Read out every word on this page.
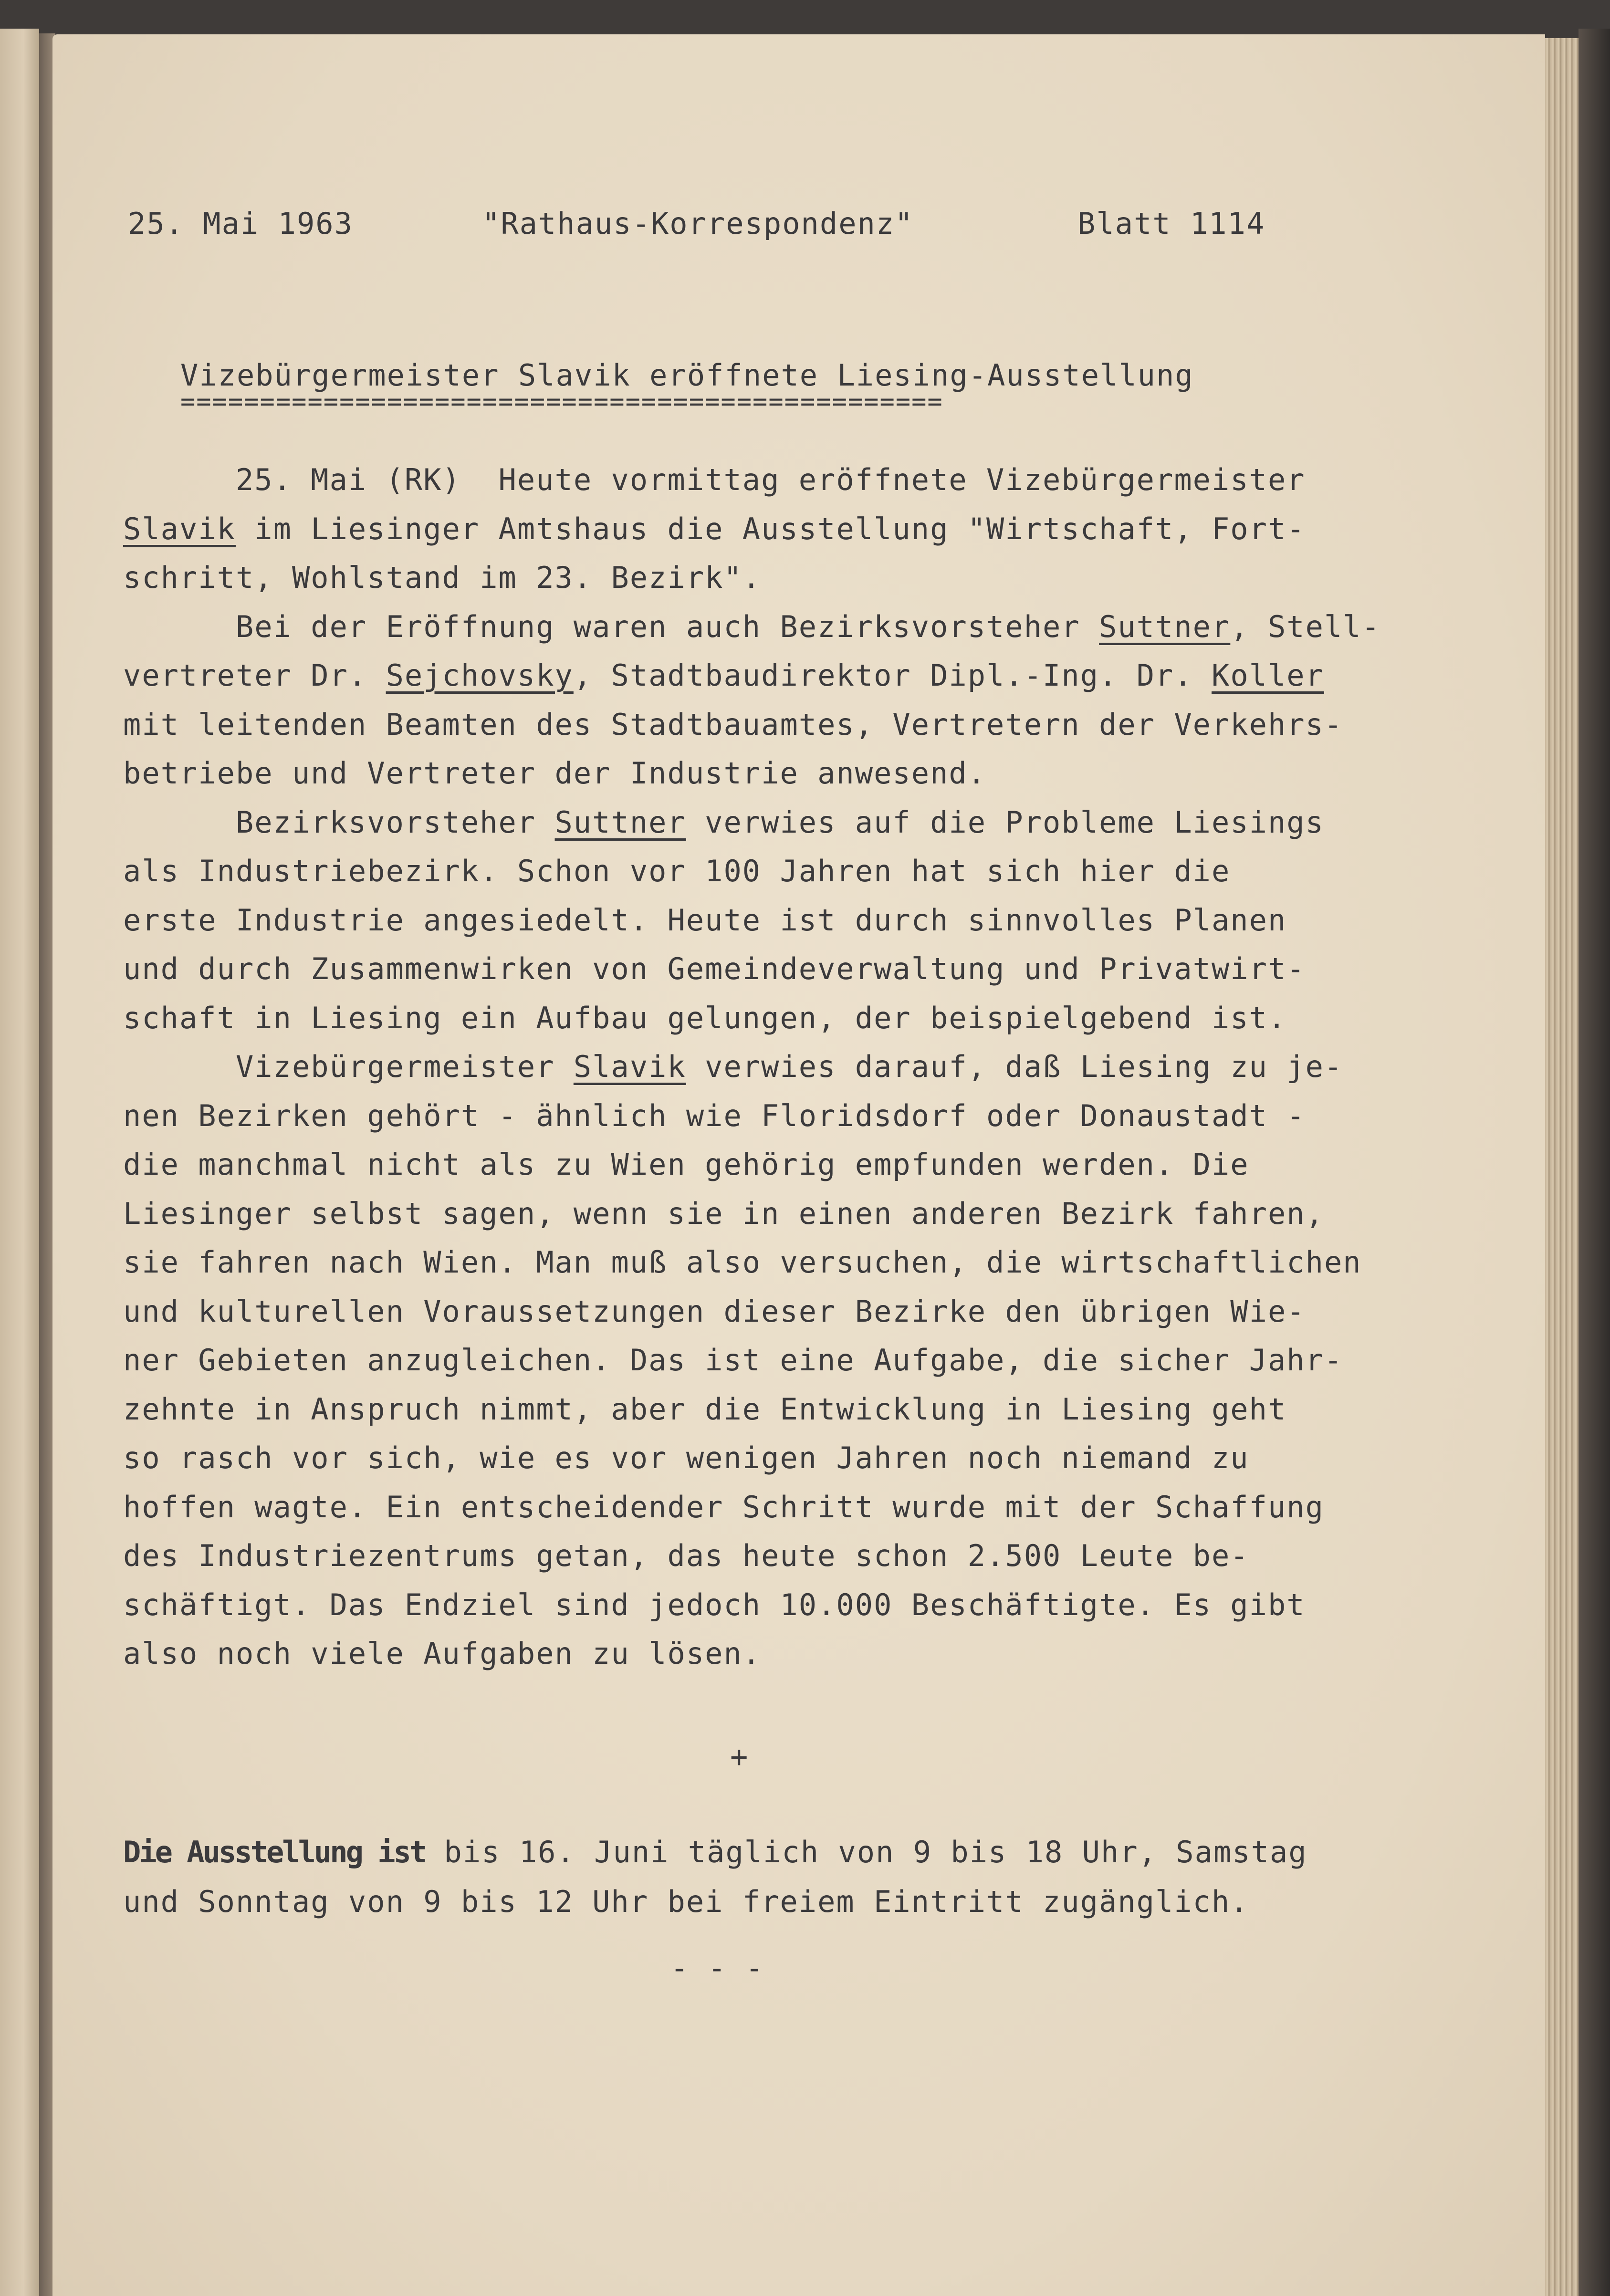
25. Mai 1963	"Rathaus-Korrespondenz"	Blatt 1114
Vizebürgermeister Slavik eröffnete Liesing-Ausstellung
================================================
25. Mai (RK)  Heute vormittag eröffnete Vizebürgermeister
Slavik im Liesinger Amtshaus die Ausstellung "Wirtschaft, Fort-
schritt, Wohlstand im 23. Bezirk".
Bei der Eröffnung waren auch Bezirksvorsteher Suttner, Stell-
vertreter Dr. Sejchovsky, Stadtbaudirektor Dipl.-Ing. Dr. Koller
mit leitenden Beamten des Stadtbauamtes, Vertretern der Verkehrs-
betriebe und Vertreter der Industrie anwesend.
Bezirksvorsteher Suttner verwies auf die Probleme Liesings
als Industriebezirk. Schon vor 100 Jahren hat sich hier die
erste Industrie angesiedelt. Heute ist durch sinnvolles Planen
und durch Zusammenwirken von Gemeindeverwaltung und Privatwirt-
schaft in Liesing ein Aufbau gelungen, der beispielgebend ist.
Vizebürgermeister Slavik verwies darauf, daß Liesing zu je-
nen Bezirken gehört - ähnlich wie Floridsdorf oder Donaustadt -
die manchmal nicht als zu Wien gehörig empfunden werden. Die
Liesinger selbst sagen, wenn sie in einen anderen Bezirk fahren,
sie fahren nach Wien. Man muß also versuchen, die wirtschaftlichen
und kulturellen Voraussetzungen dieser Bezirke den übrigen Wie-
ner Gebieten anzugleichen. Das ist eine Aufgabe, die sicher Jahr-
zehnte in Anspruch nimmt, aber die Entwicklung in Liesing geht
so rasch vor sich, wie es vor wenigen Jahren noch niemand zu
hoffen wagte. Ein entscheidender Schritt wurde mit der Schaffung
des Industriezentrums getan, das heute schon 2.500 Leute be-
schäftigt. Das Endziel sind jedoch 10.000 Beschäftigte. Es gibt
also noch viele Aufgaben zu lösen.
+
Die Ausstellung ist bis 16. Juni täglich von 9 bis 18 Uhr, Samstag
und Sonntag von 9 bis 12 Uhr bei freiem Eintritt zugänglich.
- - -
